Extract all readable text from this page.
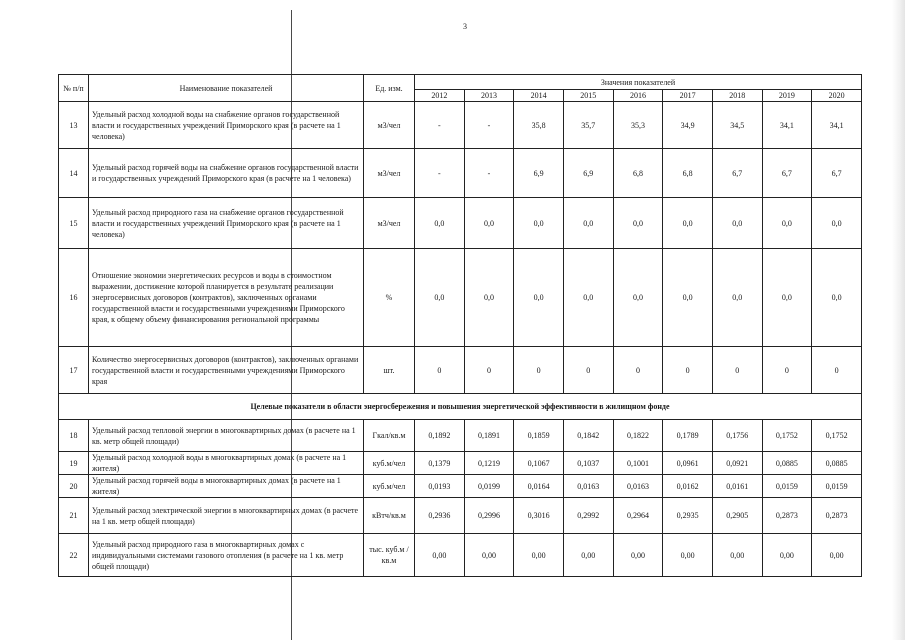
3
№ п/п	Наименование показателей	Ед. изм.	Значения показателей								
			2012	2013	2014	2015	2016	2017	2018	2019	2020
13	Удельный расход холодной воды на снабжение органов государственной власти и государственных учреждений Приморского края (в расчете на 1 человека)	м3/чел	-	-	35,8	35,7	35,3	34,9	34,5	34,1	34,1
14	Удельный расход горячей воды на снабжение органов государственной власти и государственных учреждений Приморского края (в расчете на 1 человека)	м3/чел	-	-	6,9	6,9	6,8	6,8	6,7	6,7	6,7
15	Удельный расход природного газа на снабжение органов государственной власти и государственных учреждений Приморского края (в расчете на 1 человека)	м3/чел	0,0	0,0	0,0	0,0	0,0	0,0	0,0	0,0	0,0
16	Отношение экономии энергетических ресурсов и воды в стоимостном выражении, достижение которой планируется в результате реализации энергосервисных договоров (контрактов), заключенных органами государственной власти и государственными учреждениями Приморского края, к общему объему финансирования региональной программы	%	0,0	0,0	0,0	0,0	0,0	0,0	0,0	0,0	0,0
17	Количество энергосервисных договоров (контрактов), заключенных органами государственной власти и государственными учреждениями Приморского края	шт.	0	0	0	0	0	0	0	0	0
Целевые показатели в области энергосбережения и повышения энергетической эффективности в жилищном фонде											
18	Удельный расход тепловой энергии в многоквартирных домах (в расчете на 1 кв. метр общей площади)	Гкал/кв.м	0,1892	0,1891	0,1859	0,1842	0,1822	0,1789	0,1756	0,1752	0,1752
19	Удельный расход холодной воды в многоквартирных домах (в расчете на 1 жителя)	куб.м/чел	0,1379	0,1219	0,1067	0,1037	0,1001	0,0961	0,0921	0,0885	0,0885
20	Удельный расход горячей воды в многоквартирных домах (в расчете на 1 жителя)	куб.м/чел	0,0193	0,0199	0,0164	0,0163	0,0163	0,0162	0,0161	0,0159	0,0159
21	Удельный расход электрической энергии в многоквартирных домах (в расчете на 1 кв. метр общей площади)	кВтч/кв.м	0,2936	0,2996	0,3016	0,2992	0,2964	0,2935	0,2905	0,2873	0,2873
22	Удельный расход природного газа в многоквартирных домах с индивидуальными системами газового отопления (в расчете на 1 кв. метр общей площади)	тыс. куб.м /кв.м	0,00	0,00	0,00	0,00	0,00	0,00	0,00	0,00	0,00
